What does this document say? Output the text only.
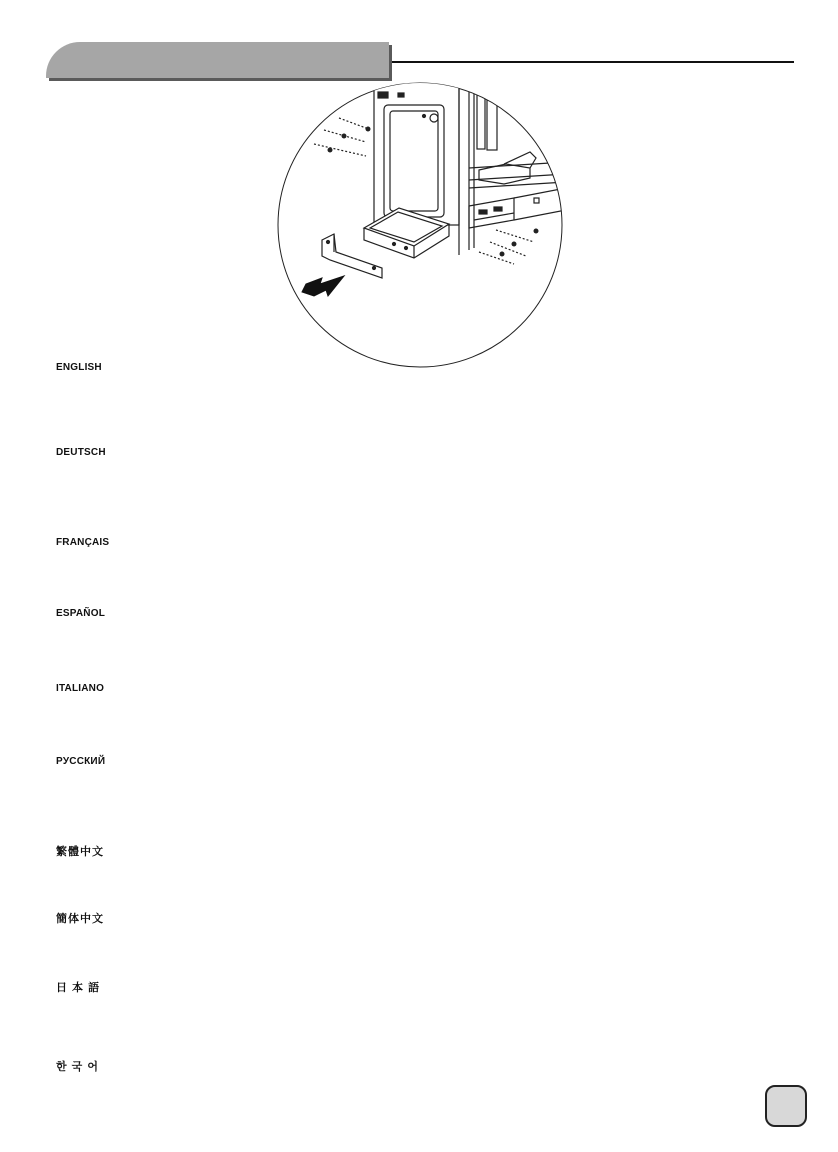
ENGLISH
DEUTSCH
FRANÇAIS
ESPAÑOL
ITALIANO
PУССКИЙ
繁體中文
簡体中文
日 本 語
한 국 어
